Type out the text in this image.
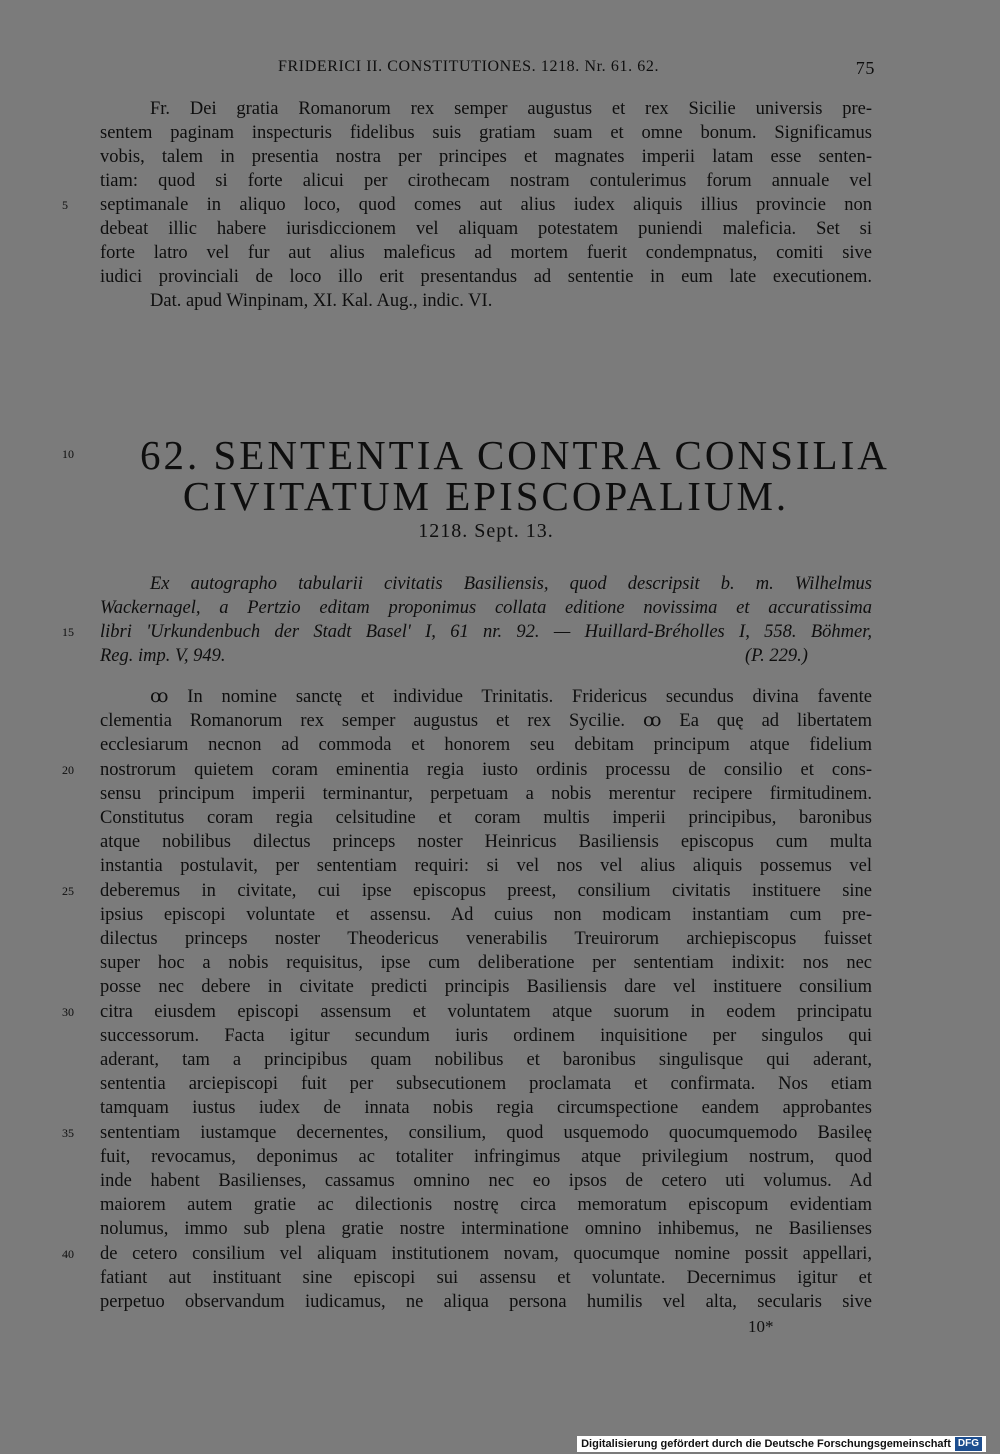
FRIDERICI II. CONSTITUTIONES. 1218. Nr. 61. 62.	75
Fr. Dei gratia Romanorum rex semper augustus et rex Sicilie universis pre-
sentem paginam inspecturis fidelibus suis gratiam suam et omne bonum. Significamus
vobis, talem in presentia nostra per principes et magnates imperii latam esse senten-
tiam: quod si forte alicui per cirothecam nostram contulerimus forum annuale vel
5	septimanale in aliquo loco, quod comes aut alius iudex aliquis illius provincie non
debeat illic habere iurisdiccionem vel aliquam potestatem puniendi maleficia. Set si
forte latro vel fur aut alius maleficus ad mortem fuerit condempnatus, comiti sive
iudici provinciali de loco illo erit presentandus ad sententie in eum late executionem.
Dat. apud Winpinam, XI. Kal. Aug., indic. VI.
10	62. SENTENTIA CONTRA CONSILIA
CIVITATUM EPISCOPALIUM.
1218. Sept. 13.
Ex autographo tabularii civitatis Basiliensis, quod descripsit b. m. Wilhelmus
Wackernagel, a Pertzio editam proponimus collata editione novissima et accuratissima
15	libri 'Urkundenbuch der Stadt Basel' I, 61 nr. 92. — Huillard-Bréholles I, 558. Böhmer,
Reg. imp. V, 949.	(P. 229.)
ꝏ In nomine sanctę et individue Trinitatis. Fridericus secundus divina favente
clementia Romanorum rex semper augustus et rex Sycilie. ꝏ Ea quę ad libertatem
ecclesiarum necnon ad commoda et honorem seu debitam principum atque fidelium
20	nostrorum quietem coram eminentia regia iusto ordinis processu de consilio et cons-
sensu principum imperii terminantur, perpetuam a nobis merentur recipere firmitudinem.
Constitutus coram regia celsitudine et coram multis imperii principibus, baronibus
atque nobilibus dilectus princeps noster Heinricus Basiliensis episcopus cum multa
instantia postulavit, per sententiam requiri: si vel nos vel alius aliquis possemus vel
25	deberemus in civitate, cui ipse episcopus preest, consilium civitatis instituere sine
ipsius episcopi voluntate et assensu. Ad cuius non modicam instantiam cum pre-
dilectus princeps noster Theodericus venerabilis Treuirorum archiepiscopus fuisset
super hoc a nobis requisitus, ipse cum deliberatione per sententiam indixit: nos nec
posse nec debere in civitate predicti principis Basiliensis dare vel instituere consilium
30	citra eiusdem episcopi assensum et voluntatem atque suorum in eodem principatu
successorum. Facta igitur secundum iuris ordinem inquisitione per singulos qui
aderant, tam a principibus quam nobilibus et baronibus singulisque qui aderant,
sententia arciepiscopi fuit per subsecutionem proclamata et confirmata. Nos etiam
tamquam iustus iudex de innata nobis regia circumspectione eandem approbantes
35	sententiam iustamque decernentes, consilium, quod usquemodo quocumquemodo Basileę
fuit, revocamus, deponimus ac totaliter infringimus atque privilegium nostrum, quod
inde habent Basilienses, cassamus omnino nec eo ipsos de cetero uti volumus. Ad
maiorem autem gratie ac dilectionis nostrę circa memoratum episcopum evidentiam
nolumus, immo sub plena gratie nostre interminatione omnino inhibemus, ne Basilienses
40	de cetero consilium vel aliquam institutionem novam, quocumque nomine possit appellari,
fatiant aut instituant sine episcopi sui assensu et voluntate. Decernimus igitur et
perpetuo observandum iudicamus, ne aliqua persona humilis vel alta, secularis sive
10*
Digitalisierung gefördert durch die Deutsche Forschungsgemeinschaft DFG
